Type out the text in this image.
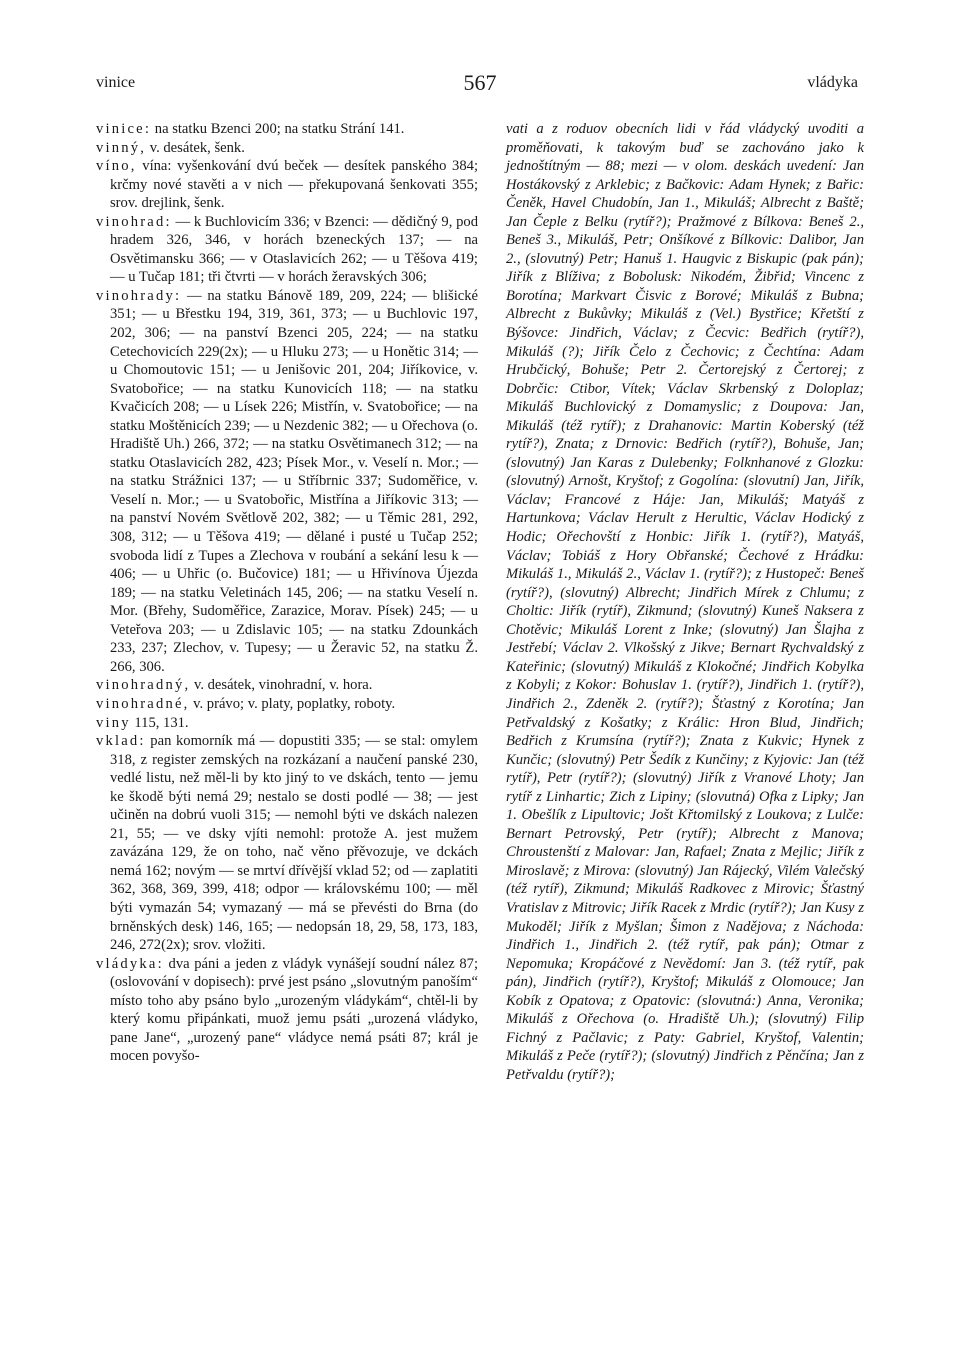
vinice	567	vládyka

vinice: na statku Bzenci 200; na statku Strání 141.

vinný, v. desátek, šenk.

víno, vína: vyšenkování dvú beček — desítek panského 384; krčmy nové stavěti a v nich — překupovaná šenkovati 355; srov. drejlink, šenk.

vinohrad: — k Buchlovicím 336; v Bzenci: — dědičný 9, pod hradem 326, 346, v horách bzeneckých 137; — na Osvětimansku 366; — v Otaslavicích 262; — u Těšova 419; — u Tučap 181; tři čtvrti — v horách žeravských 306;

vinohrady: — na statku Bánově 189, 209, 224; — blišické 351; — u Břestku 194, 319, 361, 373; — u Buchlovic 197, 202, 306; — na panství Bzenci 205, 224; — na statku Cetechovicích 229(2x); — u Hluku 273; — u Honětic 314; — u Chomoutovic 151; — u Jenišovic 201, 204; Jiříkovice, v. Svatobořice; — na statku Kunovicích 118; — na statku Kvačicích 208; — u Lísek 226; Mistřín, v. Svatobořice; — na statku Moštěnicích 239; — u Nezdenic 382; — u Ořechova (o. Hradiště Uh.) 266, 372; — na statku Osvětimanech 312; — na statku Otaslavicích 282, 423; Písek Mor., v. Veselí n. Mor.; — na statku Strážnici 137; — u Stříbrnic 337; Sudoměřice, v. Veselí n. Mor.; — u Svatobořic, Mistřína a Jiříkovic 313; — na panství Novém Světlově 202, 382; — u Těmic 281, 292, 308, 312; — u Těšova 419; — dělané i pusté u Tučap 252; svoboda lidí z Tupes a Zlechova v roubání a sekání lesu k — 406; — u Uhřic (o. Bučovice) 181; — u Hřivínova Újezda 189; — na statku Veletinách 145, 206; — na statku Veselí n. Mor. (Břehy, Sudoměřice, Zarazice, Morav. Písek) 245; — u Veteřova 203; — u Zdislavic 105; — na statku Zdounkách 233, 237; Zlechov, v. Tupesy; — u Žeravic 52, na statku Ž. 266, 306.

vinohradný, v. desátek, vinohradní, v. hora.

vinohradné, v. právo; v. platy, poplatky, roboty.

viny 115, 131.

vklad: pan komorník má — dopustiti 335; — se stal: omylem 318, z register zemských na rozkázaní a naučení panské 230, vedlé listu, než měl-li by kto jiný to ve dskách, tento — jemu ke škodě býti nemá 29; nestalo se dosti podlé — 38; — jest učiněn na dobrú vuoli 315; — nemohl býti ve dskách nalezen 21, 55; — ve dsky vjíti nemohl: protože A. jest mužem zavázána 129, že on toho, nač věno přěvozuje, ve dckách nemá 162; novým — se mrtví dřívější vklad 52; od — zaplatiti 362, 368, 369, 399, 418; odpor — královskému 100; — měl býti vymazán 54; vymazaný — má se převésti do Brna (do brněnských desk) 146, 165; — nedopsán 18, 29, 58, 173, 183, 246, 272(2x); srov. vložiti.

vládyka: dva páni a jeden z vládyk vynášejí soudní nález 87; (oslovování v dopisech): prvé jest psáno „slovutným panoším“ místo toho aby psáno bylo „urozeným vládykám“, chtěl-li by který komu připánkati, muož jemu psáti „urozená vládyko, pane Jane“, „urozený pane“ vládyce nemá psáti 87; král je mocen povyšo-

vati a z roduov obecních lidi v řád vládycký uvoditi a proměňovati, k takovým buď se zachováno jako k jednoštítným — 88; mezi — v olom. deskách uvedení: Jan Hostákovský z Arklebic; z Bačkovic: Adam Hynek; z Bařic: Čeněk, Havel Chudobín, Jan 1., Mikuláš; Albrecht z Baště; Jan Čeple z Belku (rytíř?); Pražmové z Bílkova: Beneš 2., Beneš 3., Mikuláš, Petr; Onšíkové z Bílkovic: Dalibor, Jan 2., (slovutný) Petr; Hanuš 1. Haugvic z Biskupic (pak pán); Jiřík z Blíživa; z Bobolusk: Nikodém, Žibřid; Vincenc z Borotína; Markvart Čisvic z Borové; Mikuláš z Bubna; Albrecht z Bukůvky; Mikuláš z (Vel.) Bystřice; Křetští z Býšovce: Jindřich, Václav; z Čecvic: Bedřich (rytíř?), Mikuláš (?); Jiřík Čelo z Čechovic; z Čechtína: Adam Hrubčický, Bohuše; Petr 2. Čertorejský z Čertorej; z Dobrčic: Ctibor, Vítek; Václav Skrbenský z Doloplaz; Mikuláš Buchlovický z Domamyslic; z Doupova: Jan, Mikuláš (též rytíř); z Drahanovic: Martin Koberský (též rytíř?), Znata; z Drnovic: Bedřich (rytíř?), Bohuše, Jan; (slovutný) Jan Karas z Dulebenky; Folknhanové z Glozku: (slovutný) Arnošt, Kryštof; z Gogolína: (slovutní) Jan, Jiřík, Václav; Francové z Háje: Jan, Mikuláš; Matyáš z Hartunkova; Václav Herult z Herultic, Václav Hodický z Hodic; Ořechovští z Honbic: Jiřík 1. (rytíř?), Matyáš, Václav; Tobiáš z Hory Obřanské; Čechové z Hrádku: Mikuláš 1., Mikuláš 2., Václav 1. (rytíř?); z Hustopeč: Beneš (rytíř?), (slovutný) Albrecht; Jindřich Mírek z Chlumu; z Choltic: Jiřík (rytíř), Zikmund; (slovutný) Kuneš Naksera z Chotěvic; Mikuláš Lorent z Inke; (slovutný) Jan Šlajha z Jestřebí; Václav 2. Vlkošský z Jikve; Bernart Rychvaldský z Kateřinic; (slovutný) Mikuláš z Klokočné; Jindřich Kobylka z Kobyli; z Kokor: Bohuslav 1. (rytíř?), Jindřich 1. (rytíř?), Jindřich 2., Zdeněk 2. (rytíř?); Šťastný z Korotína; Jan Petřvaldský z Košatky; z Králic: Hron Blud, Jindřich; Bedřich z Krumsína (rytíř?); Znata z Kukvic; Hynek z Kunčic; (slovutný) Petr Šedík z Kunčiny; z Kyjovic: Jan (též rytíř), Petr (rytíř?); (slovutný) Jiřík z Vranové Lhoty; Jan rytíř z Linhartic; Zich z Lipiny; (slovutná) Ofka z Lipky; Jan 1. Obešlík z Lipultovic; Jošt Křtomilský z Loukova; z Lulče: Bernart Petrovský, Petr (rytíř); Albrecht z Manova; Chroustenští z Malovar: Jan, Rafael; Znata z Mejlic; Jiřík z Miroslavě; z Mirova: (slovutný) Jan Rájecký, Vilém Valečský (též rytíř), Zikmund; Mikuláš Radkovec z Mirovic; Šťastný Vratislav z Mitrovic; Jiřík Racek z Mrdic (rytíř?); Jan Kusy z Mukoděl; Jiřík z Myšlan; Šimon z Nadějova; z Náchoda: Jindřich 1., Jindřich 2. (též rytíř, pak pán); Otmar z Nepomuka; Kropáčové z Nevědomí: Jan 3. (též rytíř, pak pán), Jindřich (rytíř?), Kryštof; Mikuláš z Olomouce; Jan Kobík z Opatova; z Opatovic: (slovutná:) Anna, Veronika; Mikuláš z Ořechova (o. Hradiště Uh.); (slovutný) Filip Fichný z Pačlavic; z Paty: Gabriel, Kryštof, Valentin; Mikuláš z Peče (rytíř?); (slovutný) Jindřich z Pěnčína; Jan z Petřvaldu (rytíř?);
